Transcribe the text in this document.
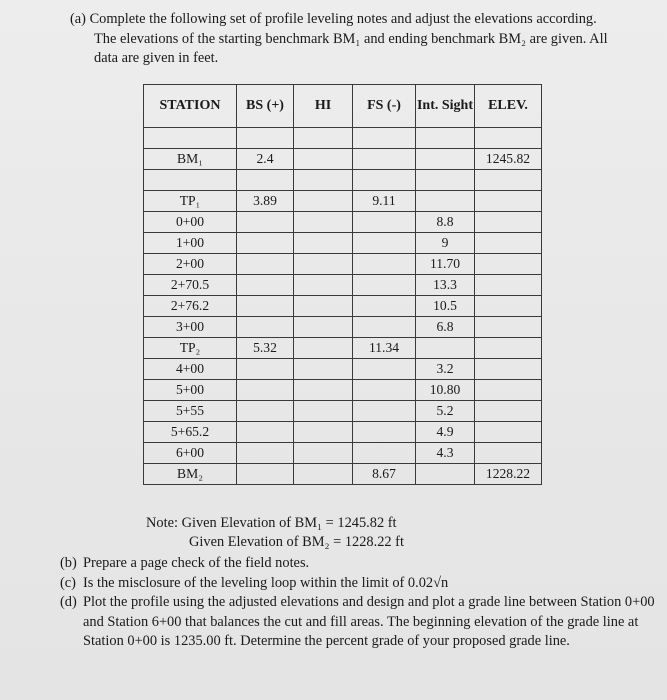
(a) Complete the following set of profile leveling notes and adjust the elevations according.
The elevations of the starting benchmark BM₁ and ending benchmark BM₂ are given. All
data are given in feet.
STATION	BS (+)	HI	FS (-)	Int. Sight	ELEV.

BM₁	2.4				1245.82

TP₁	3.89		9.11		
0+00				8.8	
1+00				9	
2+00				11.70	
2+70.5				13.3	
2+76.2				10.5	
3+00				6.8	
TP₂	5.32		11.34		
4+00				3.2	
5+00				10.80	
5+55				5.2	
5+65.2				4.9	
6+00				4.3	
BM₂			8.67		1228.22
Note: Given Elevation of BM₁ = 1245.82 ft
Given Elevation of BM₂ = 1228.22 ft
(b) Prepare a page check of the field notes.
(c) Is the misclosure of the leveling loop within the limit of 0.02√n
(d) Plot the profile using the adjusted elevations and design and plot a grade line between Station 0+00 and Station 6+00 that balances the cut and fill areas. The beginning elevation of the grade line at Station 0+00 is 1235.00 ft. Determine the percent grade of your proposed grade line.
